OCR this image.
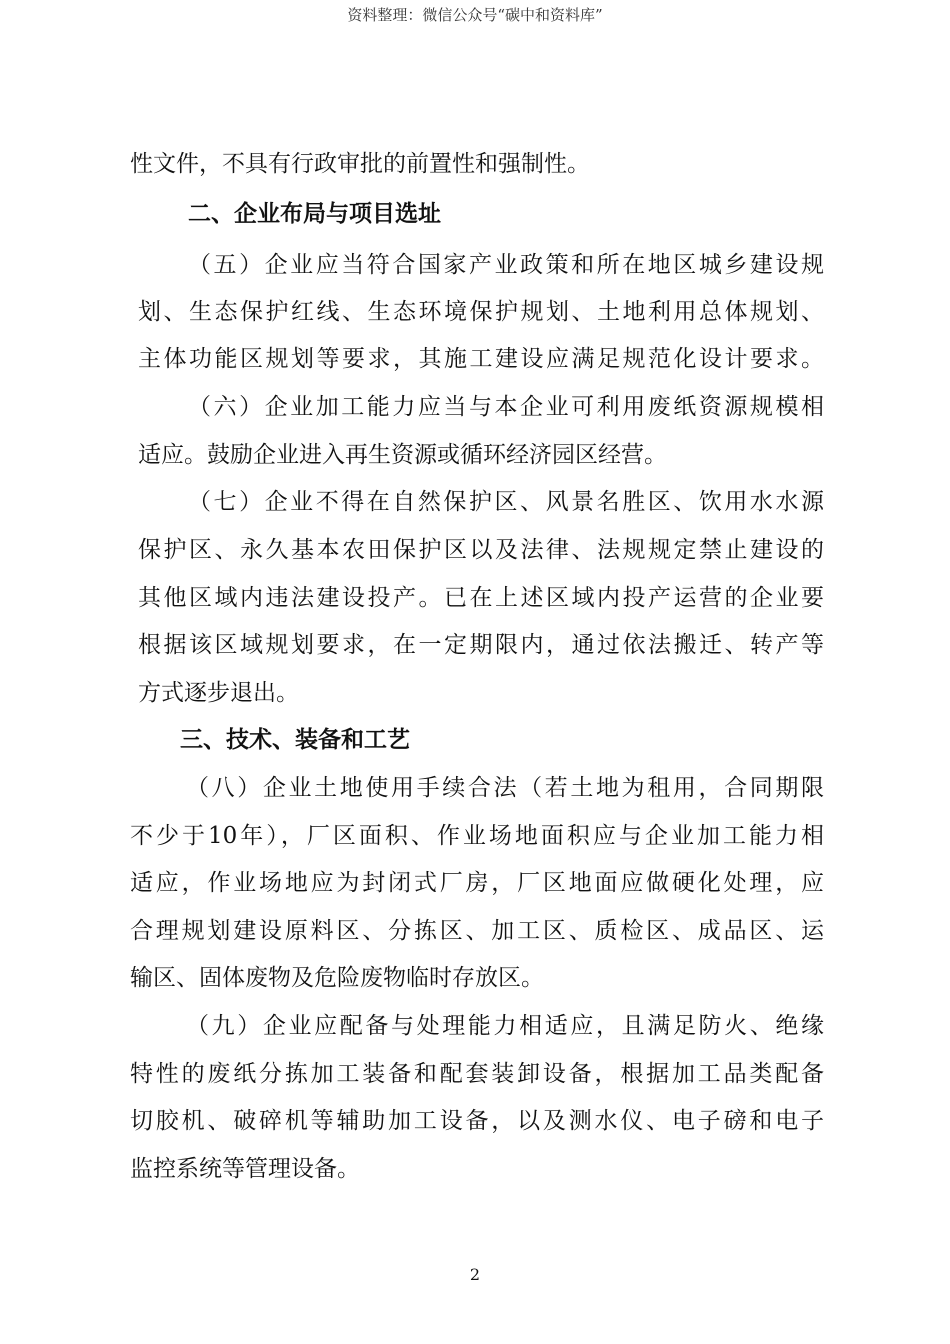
资料整理：微信公众号“碳中和资料库”
性文件，不具有行政审批的前置性和强制性。
二、企业布局与项目选址
（五）企业应当符合国家产业政策和所在地区城乡建设规
划、生态保护红线、生态环境保护规划、土地利用总体规划、
主体功能区规划等要求，其施工建设应满足规范化设计要求。
（六）企业加工能力应当与本企业可利用废纸资源规模相
适应。鼓励企业进入再生资源或循环经济园区经营。
（七）企业不得在自然保护区、风景名胜区、饮用水水源
保护区、永久基本农田保护区以及法律、法规规定禁止建设的
其他区域内违法建设投产。已在上述区域内投产运营的企业要
根据该区域规划要求，在一定期限内，通过依法搬迁、转产等
方式逐步退出。
三、技术、装备和工艺
（八）企业土地使用手续合法（若土地为租用，合同期限
不少于10年），厂区面积、作业场地面积应与企业加工能力相
适应，作业场地应为封闭式厂房，厂区地面应做硬化处理，应
合理规划建设原料区、分拣区、加工区、质检区、成品区、运
输区、固体废物及危险废物临时存放区。
（九）企业应配备与处理能力相适应，且满足防火、绝缘
特性的废纸分拣加工装备和配套装卸设备，根据加工品类配备
切胶机、破碎机等辅助加工设备，以及测水仪、电子磅和电子
监控系统等管理设备。
2
